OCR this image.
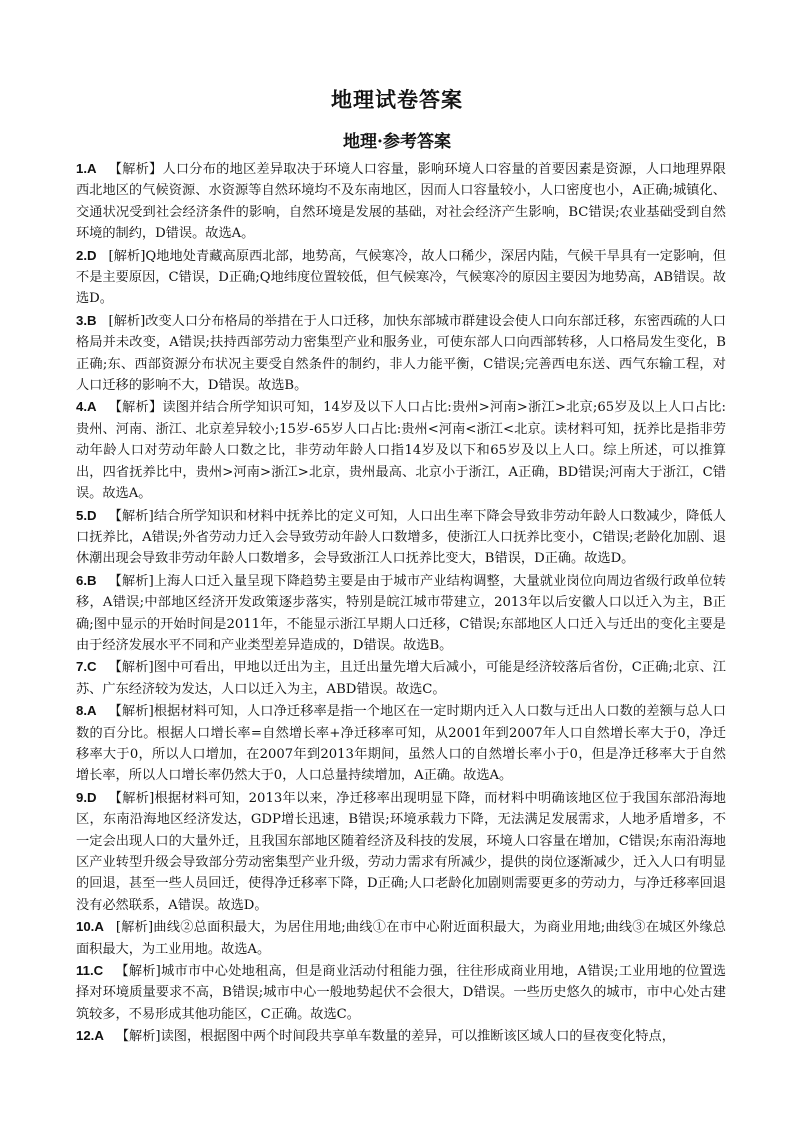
地理试卷答案
地理·参考答案

1.A 【解析】人口分布的地区差异取决于环境人口容量，影响环境人口容量的首要因素是资源，人口地理界限西北地区的气候资源、水资源等自然环境均不及东南地区，因而人口容量较小，人口密度也小，A正确;城镇化、交通状况受到社会经济条件的影响，自然环境是发展的基础，对社会经济产生影响，BC错误;农业基础受到自然环境的制约，D错误。故选A。

2.D [解析]Q地地处青藏高原西北部，地势高，气候寒冷，故人口稀少，深居内陆，气候干旱具有一定影响，但不是主要原因，C错误，D正确;Q地纬度位置较低，但气候寒冷，气候寒冷的原因主要因为地势高，AB错误。故选D。

3.B [解析]改变人口分布格局的举措在于人口迁移，加快东部城市群建设会使人口向东部迁移，东密西疏的人口格局并未改变，A错误;扶持西部劳动力密集型产业和服务业，可使东部人口向西部转移，人口格局发生变化，B正确;东、西部资源分布状况主要受自然条件的制约，非人力能平衡，C错误;完善西电东送、西气东输工程，对人口迁移的影响不大，D错误。故选B。

4.A 【解析】读图并结合所学知识可知，14岁及以下人口占比:贵州>河南>浙江>北京;65岁及以上人口占比:贵州、河南、浙江、北京差异较小;15岁-65岁人口占比:贵州<河南<浙江<北京。读材料可知，抚养比是指非劳动年龄人口对劳动年龄人口数之比，非劳动年龄人口指14岁及以下和65岁及以上人口。综上所述，可以推算出，四省抚养比中，贵州>河南>浙江>北京，贵州最高、北京小于浙江，A正确，BD错误;河南大于浙江，C错误。故选A。

5.D 【解析]结合所学知识和材料中抚养比的定义可知，人口出生率下降会导致非劳动年龄人口数减少，降低人口抚养比，A错误;外省劳动力迁入会导致劳动年龄人口数增多，使浙江人口抚养比变小，C错误;老龄化加剧、退休潮出现会导致非劳动年龄人口数增多，会导致浙江人口抚养比变大，B错误，D正确。故选D。

6.B 【解析]上海人口迁入量呈现下降趋势主要是由于城市产业结构调整，大量就业岗位向周边省级行政单位转移，A错误;中部地区经济开发政策逐步落实，特别是皖江城市带建立，2013年以后安徽人口以迁入为主，B正确;图中显示的开始时间是2011年，不能显示浙江早期人口迁移，C错误;东部地区人口迁入与迁出的变化主要是由于经济发展水平不同和产业类型差异造成的，D错误。故选B。

7.C 【解析]图中可看出，甲地以迁出为主，且迁出量先增大后减小，可能是经济较落后省份，C正确;北京、江苏、广东经济较为发达，人口以迁入为主，ABD错误。故选C。

8.A 【解析]根据材料可知，人口净迁移率是指一个地区在一定时期内迁入人口数与迁出人口数的差额与总人口数的百分比。根据人口增长率=自然增长率+净迁移率可知，从2001年到2007年人口自然增长率大于0，净迁移率大于0，所以人口增加，在2007年到2013年期间，虽然人口的自然增长率小于0，但是净迁移率大于自然增长率，所以人口增长率仍然大于0，人口总量持续增加，A正确。故选A。

9.D 【解析]根据材料可知，2013年以来，净迁移率出现明显下降，而材料中明确该地区位于我国东部沿海地区，东南沿海地区经济发达，GDP增长迅速，B错误;环境承载力下降，无法满足发展需求，人地矛盾增多，不一定会出现人口的大量外迁，且我国东部地区随着经济及科技的发展，环境人口容量在增加，C错误;东南沿海地区产业转型升级会导致部分劳动密集型产业升级，劳动力需求有所减少，提供的岗位逐渐减少，迁入人口有明显的回退，甚至一些人员回迁，使得净迁移率下降，D正确;人口老龄化加剧则需要更多的劳动力，与净迁移率回退没有必然联系，A错误。故选D。

10.A [解析]曲线②总面积最大，为居住用地;曲线①在市中心附近面积最大，为商业用地;曲线③在城区外缘总面积最大，为工业用地。故选A。

11.C 【解析]城市市中心处地租高，但是商业活动付租能力强，往往形成商业用地，A错误;工业用地的位置选择对环境质量要求不高，B错误;城市中心一般地势起伏不会很大，D错误。一些历史悠久的城市，市中心处古建筑较多，不易形成其他功能区，C正确。故选C。

12.A 【解析]读图，根据图中两个时间段共享单车数量的差异，可以推断该区域人口的昼夜变化特点，
